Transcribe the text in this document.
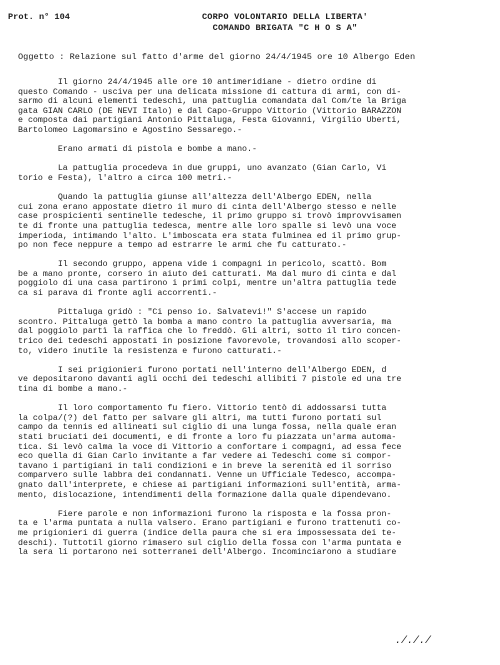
Prot. n° 104	CORPO VOLONTARIO DELLA LIBERTA'
COMANDO BRIGATA "C H O S A"
Oggetto : Relazione sul fatto d'arme del giorno 24/4/1945 ore 10 Albergo Eden
Il giorno 24/4/1945 alle ore 10 antimeridiane - dietro ordine di
questo Comando - usciva per una delicata missione di cattura di armi, con di-
sarmo di alcuni elementi tedeschi, una pattuglia comandata dal Com/te la Briga
gata GIAN CARLO (DE NEVI Italo) e dal Capo-Gruppo Vittorio (Vittorio BARAZZON
e composta dai partigiani Antonio Pittaluga, Festa Giovanni, Virgilio Uberti,
Bartolomeo Lagomarsino e Agostino Sessarego.-
Erano armati di pistola e bombe a mano.-
La pattuglia procedeva in due gruppi, uno avanzato (Gian Carlo, Vi
torio e Festa), l'altro a circa 100 metri.-
Quando la pattuglia giunse all'altezza dell'Albergo EDEN, nella
cui zona erano appostate dietro il muro di cinta dell'Albergo stesso e nelle
case prospicienti sentinelle tedesche, il primo gruppo si trovò improvvisamen
te di fronte una pattuglia tedesca, mentre alle loro spalle si levò una voce
imperioda, intimando l'alto. L'imboscata era stata fulminea ed il primo grup-
po non fece neppure a tempo ad estrarre le armi che fu catturato.-
Il secondo gruppo, appena vide i compagni in pericolo, scattò. Bom
be a mano pronte, corsero in aiuto dei catturati. Ma dal muro di cinta e dal
poggiolo di una casa partirono i primi colpi, mentre un'altra pattuglia tede
ca si parava di fronte agli accorrenti.-
Pittaluga gridò : "Ci penso io. Salvatevi!" S'accese un rapido
scontro. Pittaluga gettò la bomba a mano contro la pattuglia avversaria, ma
dal poggiolo partì la raffica che lo freddò. Gli altri, sotto il tiro concen-
trico dei tedeschi appostati in posizione favorevole, trovandosi allo scoper-
to, videro inutile la resistenza e furono catturati.-
I sei prigionieri furono portati nell'interno dell'Albergo EDEN, d
ve depositarono davanti agli occhi dei tedeschi allibiti 7 pistole ed una tre
tina di bombe a mano.-
Il loro comportamento fu fiero. Vittorio tentò di addossarsi tutta
la colpa/(?) del fatto per salvare gli altri, ma tutti furono portati sul
campo da tennis ed allineati sul ciglio di una lunga fossa, nella quale eran
stati bruciati dei documenti, e di fronte a loro fu piazzata un'arma automa-
tica. Si levò calma la voce di Vittorio a confortare i compagni, ad essa fece
eco quella di Gian Carlo invitante a far vedere ai Tedeschi come si compor-
tavano i partigiani in tali condizioni e in breve la serenità ed il sorriso
comparvero sulle labbra dei condannati. Venne un Ufficiale Tedesco, accompa-
gnato dall'interprete, e chiese ai partigiani informazioni sull'entità, arma-
mento, dislocazione, intendimenti della formazione dalla quale dipendevano.
Fiere parole e non informazioni furono la risposta e la fossa pron-
ta e l'arma puntata a nulla valsero. Erano partigiani e furono trattenuti co-
me prigionieri di guerra (indice della paura che si era impossessata dei te-
deschi). Tuttotil giorno rimasero sul ciglio della fossa con l'arma puntata e
la sera li portarono nei sotterranei dell'Albergo. Incominciarono a studiare
./././
